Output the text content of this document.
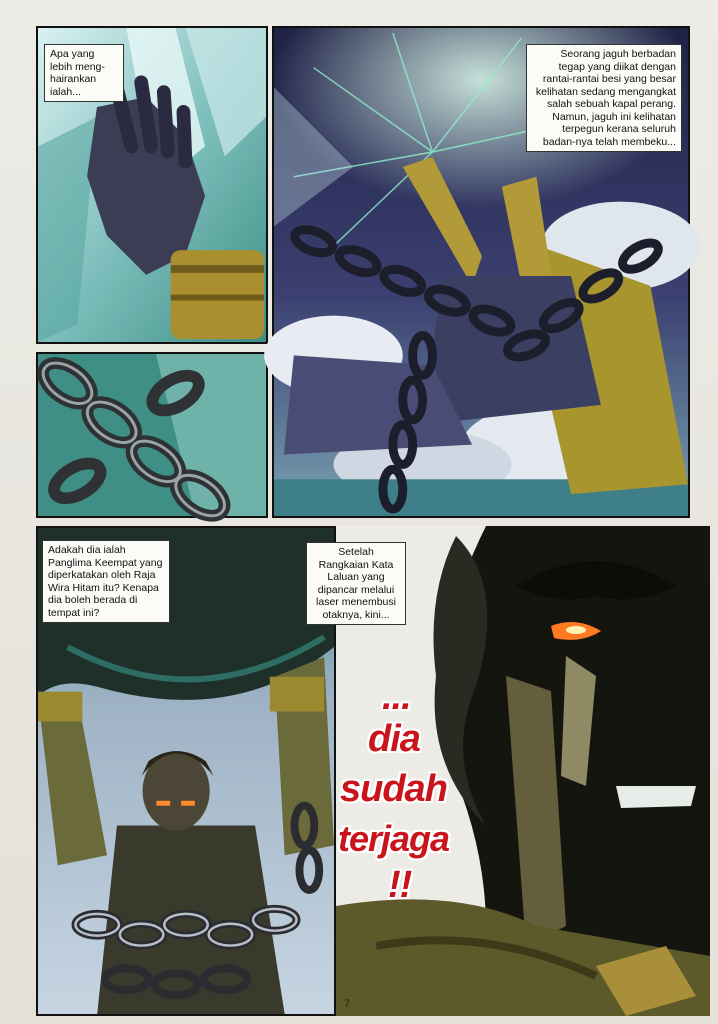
Apa yang lebih meng-hairankan ialah...
Seorang jaguh berbadan tegap yang diikat dengan rantai-rantai besi yang besar kelihatan sedang mengangkat salah sebuah kapal perang. Namun, jaguh ini kelihatan terpegun kerana seluruh badan-nya telah membeku...
Adakah dia ialah Panglima Keempat yang diperkatakan oleh Raja Wira Hitam itu? Kenapa dia boleh berada di tempat ini?
Setelah Rangkaian Kata Laluan yang dipancar melalui laser menembusi otaknya, kini...
...
dia
sudah
terjaga
!!
7
